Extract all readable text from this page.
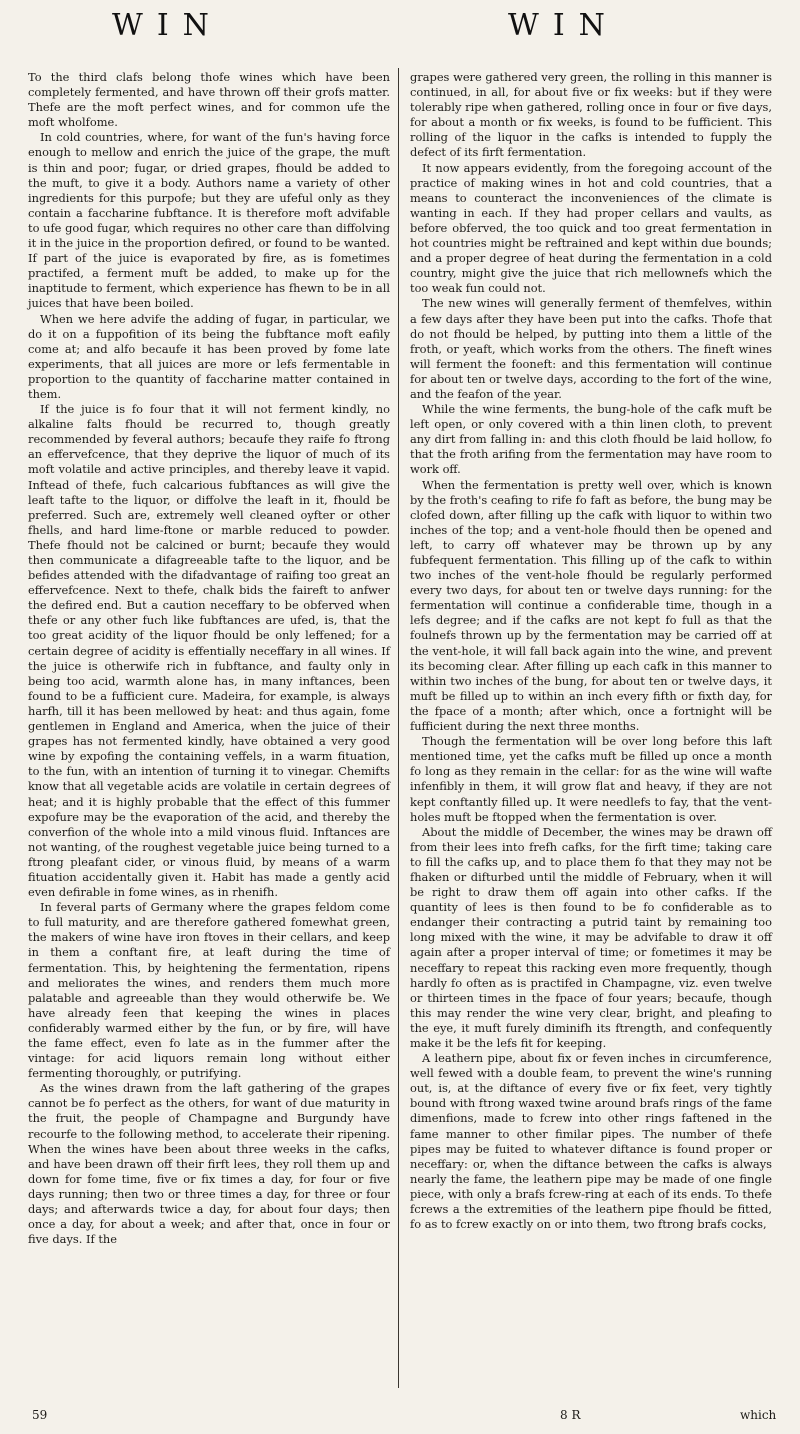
WIN	WIN

To the third clafs belong thofe wines which have been completely fermented, and have thrown off their grofs matter. Thefe are the moft perfect wines, and for common ufe the moft wholfome.

In cold countries, where, for want of the fun's having force enough to mellow and enrich the juice of the grape, the muft is thin and poor; fugar, or dried grapes, fhould be added to the muft, to give it a body. Authors name a variety of other ingredients for this purpofe; but they are ufeful only as they contain a faccharine fubftance. It is therefore moft advifable to ufe good fugar, which requires no other care than diffolving it in the juice in the proportion defired, or found to be wanted. If part of the juice is evaporated by fire, as is fometimes practifed, a ferment muft be added, to make up for the inaptitude to ferment, which experience has fhewn to be in all juices that have been boiled.

When we here advife the adding of fugar, in particular, we do it on a fuppofition of its being the fubftance moft eafily come at; and alfo becaufe it has been proved by fome late experiments, that all juices are more or lefs fermentable in proportion to the quantity of faccharine matter contained in them.

If the juice is fo four that it will not ferment kindly, no alkaline falts fhould be recurred to, though greatly recommended by feveral authors; becaufe they raife fo ftrong an effervefcence, that they deprive the liquor of much of its moft volatile and active principles, and thereby leave it vapid. Inftead of thefe, fuch calcarious fubftances as will give the leaft tafte to the liquor, or diffolve the leaft in it, fhould be preferred. Such are, extremely well cleaned oyfter or other fhells, and hard lime-ftone or marble reduced to powder. Thefe fhould not be calcined or burnt; becaufe they would then communicate a difagreeable tafte to the liquor, and be befides attended with the difadvantage of raifing too great an effervefcence. Next to thefe, chalk bids the faireft to anfwer the defired end. But a caution neceffary to be obferved when thefe or any other fuch like fubftances are ufed, is, that the too great acidity of the liquor fhould be only leffened; for a certain degree of acidity is effentially neceffary in all wines. If the juice is otherwife rich in fubftance, and faulty only in being too acid, warmth alone has, in many inftances, been found to be a fufficient cure. Madeira, for example, is always harfh, till it has been mellowed by heat: and thus again, fome gentlemen in England and America, when the juice of their grapes has not fermented kindly, have obtained a very good wine by expofing the containing veffels, in a warm fituation, to the fun, with an intention of turning it to vinegar. Chemifts know that all vegetable acids are volatile in certain degrees of heat; and it is highly probable that the effect of this fummer expofure may be the evaporation of the acid, and thereby the converfion of the whole into a mild vinous fluid. Inftances are not wanting, of the roughest vegetable juice being turned to a ftrong pleafant cider, or vinous fluid, by means of a warm fituation accidentally given it. Habit has made a gently acid even defirable in fome wines, as in rhenifh.

In feveral parts of Germany where the grapes feldom come to full maturity, and are therefore gathered fomewhat green, the makers of wine have iron ftoves in their cellars, and keep in them a conftant fire, at leaft during the time of fermentation. This, by heightening the fermentation, ripens and meliorates the wines, and renders them much more palatable and agreeable than they would otherwife be. We have already feen that keeping the wines in places confiderably warmed either by the fun, or by fire, will have the fame effect, even fo late as in the fummer after the vintage: for acid liquors remain long without either fermenting thoroughly, or putrifying.

As the wines drawn from the laft gathering of the grapes cannot be fo perfect as the others, for want of due maturity in the fruit, the people of Champagne and Burgundy have recourfe to the following method, to accelerate their ripening. When the wines have been about three weeks in the cafks, and have been drawn off their firft lees, they roll them up and down for fome time, five or fix times a day, for four or five days running; then two or three times a day, for three or four days; and afterwards twice a day, for about four days; then once a day, for about a week; and after that, once in four or five days. If the

grapes were gathered very green, the rolling in this manner is continued, in all, for about five or fix weeks: but if they were tolerably ripe when gathered, rolling once in four or five days, for about a month or fix weeks, is found to be fufficient. This rolling of the liquor in the cafks is intended to fupply the defect of its firft fermentation.

It now appears evidently, from the foregoing account of the practice of making wines in hot and cold countries, that a means to counteract the inconveniences of the climate is wanting in each. If they had proper cellars and vaults, as before obferved, the too quick and too great fermentation in hot countries might be reftrained and kept within due bounds; and a proper degree of heat during the fermentation in a cold country, might give the juice that rich mellownefs which the too weak fun could not.

The new wines will generally ferment of themfelves, within a few days after they have been put into the cafks. Thofe that do not fhould be helped, by putting into them a little of the froth, or yeaft, which works from the others. The fineft wines will ferment the fooneft: and this fermentation will continue for about ten or twelve days, according to the fort of the wine, and the feafon of the year.

While the wine ferments, the bung-hole of the cafk muft be left open, or only covered with a thin linen cloth, to prevent any dirt from falling in: and this cloth fhould be laid hollow, fo that the froth arifing from the fermentation may have room to work off.

When the fermentation is pretty well over, which is known by the froth's ceafing to rife fo faft as before, the bung may be clofed down, after filling up the cafk with liquor to within two inches of the top; and a vent-hole fhould then be opened and left, to carry off whatever may be thrown up by any fubfequent fermentation. This filling up of the cafk to within two inches of the vent-hole fhould be regularly performed every two days, for about ten or twelve days running: for the fermentation will continue a confiderable time, though in a lefs degree; and if the cafks are not kept fo full as that the foulnefs thrown up by the fermentation may be carried off at the vent-hole, it will fall back again into the wine, and prevent its becoming clear. After filling up each cafk in this manner to within two inches of the bung, for about ten or twelve days, it muft be filled up to within an inch every fifth or fixth day, for the fpace of a month; after which, once a fortnight will be fufficient during the next three months.

Though the fermentation will be over long before this laft mentioned time, yet the cafks muft be filled up once a month fo long as they remain in the cellar: for as the wine will wafte infenfibly in them, it will grow flat and heavy, if they are not kept conftantly filled up. It were needlefs to fay, that the vent-holes muft be ftopped when the fermentation is over.

About the middle of December, the wines may be drawn off from their lees into frefh cafks, for the firft time; taking care to fill the cafks up, and to place them fo that they may not be fhaken or difturbed until the middle of February, when it will be right to draw them off again into other cafks. If the quantity of lees is then found to be fo confiderable as to endanger their contracting a putrid taint by remaining too long mixed with the wine, it may be advifable to draw it off again after a proper interval of time; or fometimes it may be neceffary to repeat this racking even more frequently, though hardly fo often as is practifed in Champagne, viz. even twelve or thirteen times in the fpace of four years; becaufe, though this may render the wine very clear, bright, and pleafing to the eye, it muft furely diminifh its ftrength, and confequently make it be the lefs fit for keeping.

A leathern pipe, about fix or feven inches in circumference, well fewed with a double feam, to prevent the wine's running out, is, at the diftance of every five or fix feet, very tightly bound with ftrong waxed twine around brafs rings of the fame dimenfions, made to fcrew into other rings faftened in the fame manner to other fimilar pipes. The number of thefe pipes may be fuited to whatever diftance is found proper or neceffary: or, when the diftance between the cafks is always nearly the fame, the leathern pipe may be made of one fingle piece, with only a brafs fcrew-ring at each of its ends. To thefe fcrews a the extremities of the leathern pipe fhould be fitted, fo as to fcrew exactly on or into them, two ftrong brafs cocks,

59	8 R	which
